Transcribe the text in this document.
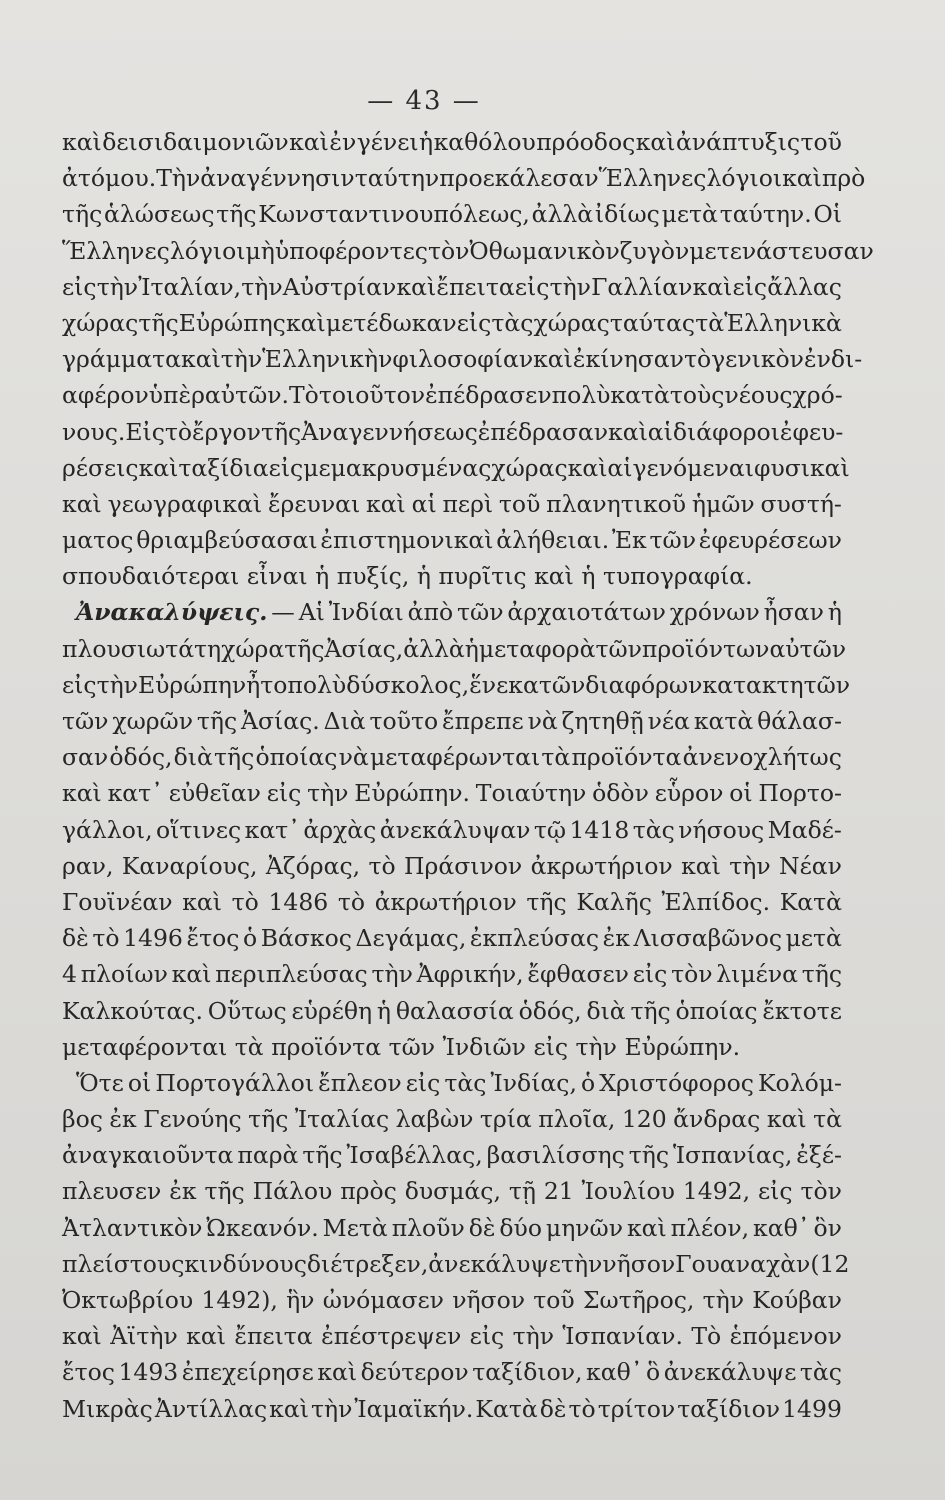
— 43 —
καὶ δεισιδαιμονιῶν καὶ ἐν γένει ἡ καθόλου πρόοδος καὶ ἀνάπτυξις τοῦ
ἀτόμου. Τὴν ἀναγέννησιν ταύτην προεκάλεσαν Ἕλληνες λόγιοι καὶ πρὸ
τῆς ἁλώσεως τῆς Κωνσταντινουπόλεως, ἀλλὰ ἰδίως μετὰ ταύτην. Οἱ
Ἕλληνες λόγιοι μὴ ὑποφέροντες τὸν Ὀθωμανικὸν ζυγὸν μετενάστευσαν
εἰς τὴν Ἰταλίαν, τὴν Αὐστρίαν καὶ ἔπειτα εἰς τὴν Γαλλίαν καὶ εἰς ἄλλας
χώρας τῆς Εὐρώπης καὶ μετέδωκαν εἰς τὰς χώρας ταύτας τὰ Ἑλληνικὰ
γράμματα καὶ τὴν Ἑλληνικὴν φιλοσοφίαν καὶ ἐκίνησαν τὸ γενικὸν ἐνδι-
αφέρον ὑπὲρ αὐτῶν. Τὸ τοιοῦτον ἐπέδρασεν πολὺ κατὰ τοὺς νέους χρό-
νους. Εἰς τὸ ἔργον τῆς Ἀναγεννήσεως ἐπέδρασαν καὶ αἱ διάφοροι ἐφευ-
ρέσεις καὶ ταξίδια εἰς μεμακρυσμένας χώρας καὶ αἱ γενόμεναι φυσικαὶ
καὶ γεωγραφικαὶ ἔρευναι καὶ αἱ περὶ τοῦ πλανητικοῦ ἡμῶν συστή-
ματος θριαμβεύσασαι ἐπιστημονικαὶ ἀλήθειαι. Ἐκ τῶν ἐφευρέσεων
σπουδαιότεραι εἶναι ἡ πυξίς, ἡ πυρῖτις καὶ ἡ τυπογραφία.
Ἀνακαλύψεις. — Αἱ Ἰνδίαι ἀπὸ τῶν ἀρχαιοτάτων χρόνων ἦσαν ἡ
πλουσιωτάτη χώρα τῆς Ἀσίας, ἀλλὰ ἡ μεταφορὰ τῶν προϊόντων αὐτῶν
εἰς τὴν Εὐρώπην ἦτο πολὺ δύσκολος, ἕνεκα τῶν διαφόρων κατακτητῶν
τῶν χωρῶν τῆς Ἀσίας. Διὰ τοῦτο ἔπρεπε νὰ ζητηθῇ νέα κατὰ θάλασ-
σαν ὁδός, διὰ τῆς ὁποίας νὰ μεταφέρωνται τὰ προϊόντα ἀνενοχλήτως
καὶ κατ᾽ εὐθεῖαν εἰς τὴν Εὐρώπην. Τοιαύτην ὁδὸν εὗρον οἱ Πορτο-
γάλλοι, οἵτινες κατ᾽ ἀρχὰς ἀνεκάλυψαν τῷ 1418 τὰς νήσους Μαδέ-
ραν, Καναρίους, Ἀζόρας, τὸ Πράσινον ἀκρωτήριον καὶ τὴν Νέαν
Γουϊνέαν καὶ τὸ 1486 τὸ ἀκρωτήριον τῆς Καλῆς Ἐλπίδος. Κατὰ
δὲ τὸ 1496 ἔτος ὁ Βάσκος Δεγάμας, ἐκπλεύσας ἐκ Λισσαβῶνος μετὰ
4 πλοίων καὶ περιπλεύσας τὴν Ἀφρικήν, ἔφθασεν εἰς τὸν λιμένα τῆς
Καλκούτας. Οὕτως εὑρέθη ἡ θαλασσία ὁδός, διὰ τῆς ὁποίας ἔκτοτε
μεταφέρονται τὰ προϊόντα τῶν Ἰνδιῶν εἰς τὴν Εὐρώπην.
Ὅτε οἱ Πορτογάλλοι ἔπλεον εἰς τὰς Ἰνδίας, ὁ Χριστόφορος Κολόμ-
βος ἐκ Γενούης τῆς Ἰταλίας λαβὼν τρία πλοῖα, 120 ἄνδρας καὶ τὰ
ἀναγκαιοῦντα παρὰ τῆς Ἰσαβέλλας, βασιλίσσης τῆς Ἱσπανίας, ἐξέ-
πλευσεν ἐκ τῆς Πάλου πρὸς δυσμάς, τῇ 21 Ἰουλίου 1492, εἰς τὸν
Ἀτλαντικὸν Ὠκεανόν. Μετὰ πλοῦν δὲ δύο μηνῶν καὶ πλέον, καθ᾽ ὃν
πλείστους κινδύνους διέτρεξεν, ἀνεκάλυψε τὴν νῆσον Γουαναχὰν (12
Ὀκτωβρίου 1492), ἣν ὠνόμασεν νῆσον τοῦ Σωτῆρος, τὴν Κούβαν
καὶ Ἀϊτὴν καὶ ἔπειτα ἐπέστρεψεν εἰς τὴν Ἱσπανίαν. Τὸ ἑπόμενον
ἔτος 1493 ἐπεχείρησε καὶ δεύτερον ταξίδιον, καθ᾽ ὃ ἀνεκάλυψε τὰς
Μικρὰς Ἀντίλλας καὶ τὴν Ἰαμαϊκήν. Κατὰ δὲ τὸ τρίτον ταξίδιον 1499
